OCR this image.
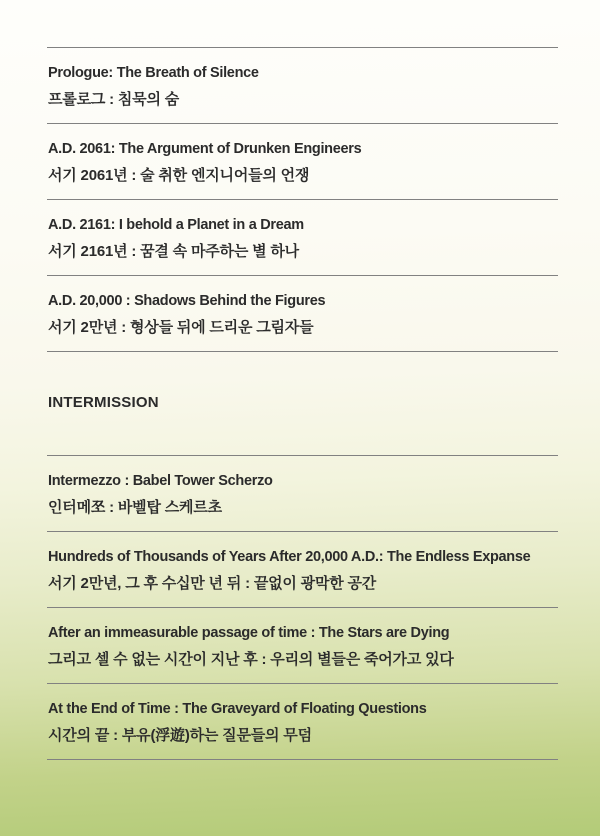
Prologue: The Breath of Silence
프롤로그 : 침묵의 숨
A.D. 2061: The Argument of Drunken Engineers
서기 2061년 : 술 취한 엔지니어들의 언쟁
A.D. 2161: I behold a Planet in a Dream
서기 2161년 : 꿈결 속 마주하는 별 하나
A.D. 20,000 : Shadows Behind the Figures
서기 2만년 : 형상들 뒤에 드리운 그림자들
INTERMISSION
Intermezzo : Babel Tower Scherzo
인터메쪼 : 바벨탑 스케르초
Hundreds of Thousands of Years After 20,000 A.D.: The Endless Expanse
서기 2만년, 그 후 수십만 년 뒤 : 끝없이 광막한 공간
After an immeasurable passage of time : The Stars are Dying
그리고 셀 수 없는 시간이 지난 후 : 우리의 별들은 죽어가고 있다
At the End of Time : The Graveyard of Floating Questions
시간의 끝 : 부유(浮遊)하는 질문들의 무덤
